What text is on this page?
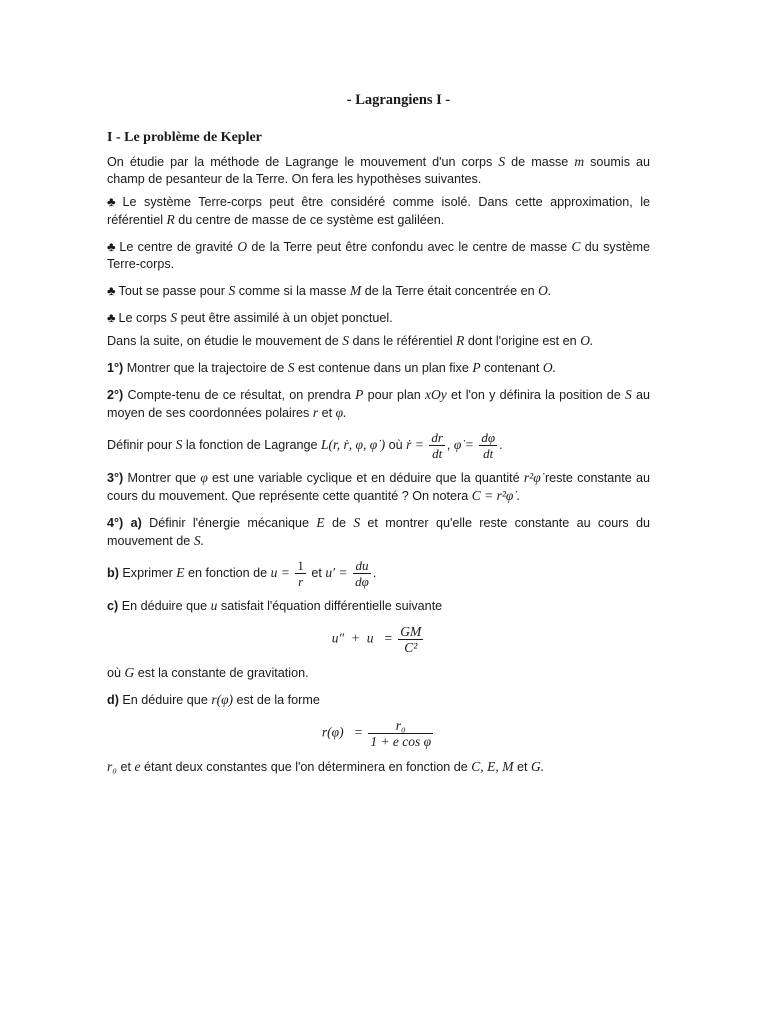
- Lagrangiens I -
I - Le problème de Kepler
On étudie par la méthode de Lagrange le mouvement d'un corps S de masse m soumis au champ de pesanteur de la Terre. On fera les hypothèses suivantes.
♣ Le système Terre-corps peut être considéré comme isolé. Dans cette approximation, le référentiel R du centre de masse de ce système est galiléen.
♣ Le centre de gravité O de la Terre peut être confondu avec le centre de masse C du système Terre-corps.
♣ Tout se passe pour S comme si la masse M de la Terre était concentrée en O.
♣ Le corps S peut être assimilé à un objet ponctuel.
Dans la suite, on étudie le mouvement de S dans le référentiel R dont l'origine est en O.
1°) Montrer que la trajectoire de S est contenue dans un plan fixe P contenant O.
2°) Compte-tenu de ce résultat, on prendra P pour plan xOy et l'on y définira la position de S au moyen de ses coordonnées polaires r et φ.
Définir pour S la fonction de Lagrange L(r, ṙ, φ, φ̇ ) où ṙ = $\frac{dr}{dt}$ , φ̇ = $\frac{d\varphi}{dt}$ .
3°) Montrer que φ est une variable cyclique et en déduire que la quantité r²φ̇ reste constante au cours du mouvement. Que représente cette quantité ? On notera C = r²φ̇ .
4°) a) Définir l'énergie mécanique E de S et montrer qu'elle reste constante au cours du mouvement de S.
b) Exprimer E en fonction de $u = \frac{1}{r}$ et $u' = \frac{du}{d\varphi}$ .
c) En déduire que u satisfait l'équation différentielle suivante
$u'' + u = \frac{GM}{\text{C²}}$
où G est la constante de gravitation.
d) En déduire que r(φ) est de la forme
$r(\varphi) = \frac{\text{r₀}}{\text{1 + e cos φ}}$
r₀ et e étant deux constantes que l'on déterminera en fonction de C, E, M et G.
